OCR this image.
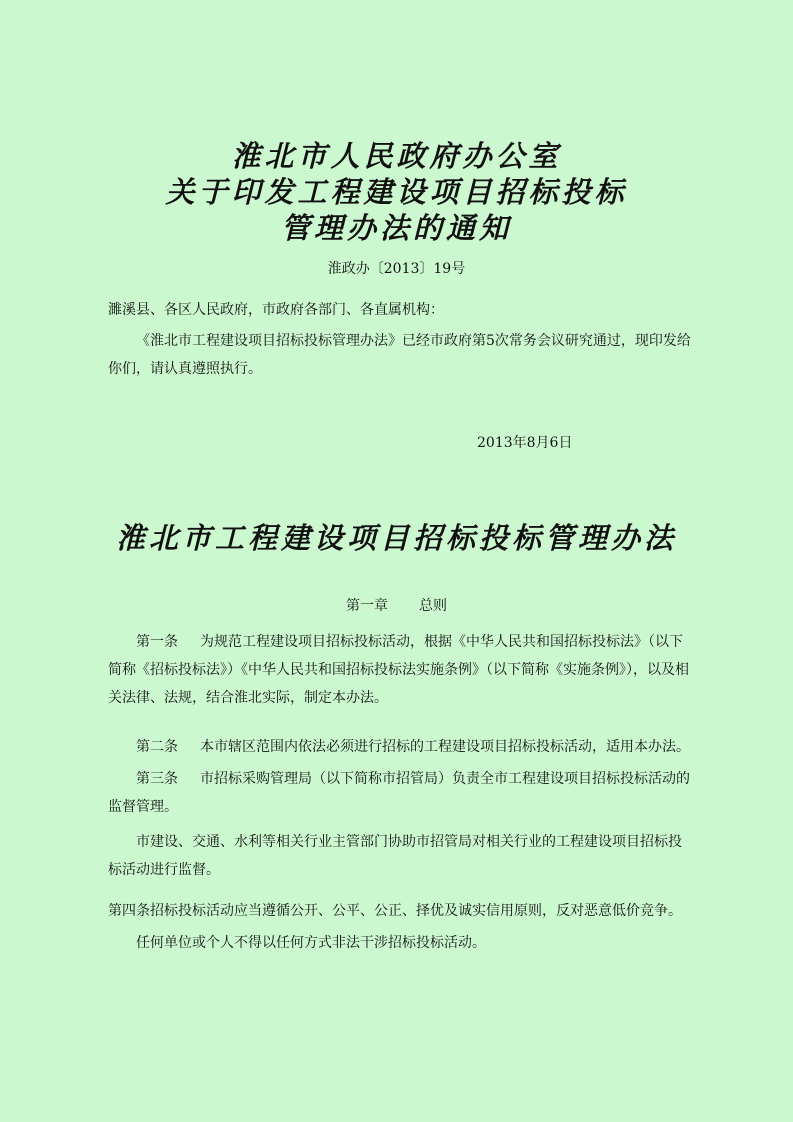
淮北市人民政府办公室
关于印发工程建设项目招标投标
管理办法的通知
淮政办〔2013〕19号

濉溪县、各区人民政府，市政府各部门、各直属机构：

《淮北市工程建设项目招标投标管理办法》已经市政府第5次常务会议研究通过，现印发给你们，请认真遵照执行。

2013年8月6日
淮北市工程建设项目招标投标管理办法
第一章 总则

第一条 为规范工程建设项目招标投标活动，根据《中华人民共和国招标投标法》（以下简称《招标投标法》）《中华人民共和国招标投标法实施条例》（以下简称《实施条例》），以及相关法律、法规，结合淮北实际，制定本办法。

第二条 本市辖区范围内依法必须进行招标的工程建设项目招标投标活动，适用本办法。

第三条 市招标采购管理局（以下简称市招管局）负责全市工程建设项目招标投标活动的监督管理。

市建设、交通、水利等相关行业主管部门协助市招管局对相关行业的工程建设项目招标投标活动进行监督。

第四条招标投标活动应当遵循公开、公平、公正、择优及诚实信用原则，反对恶意低价竞争。

任何单位或个人不得以任何方式非法干涉招标投标活动。
